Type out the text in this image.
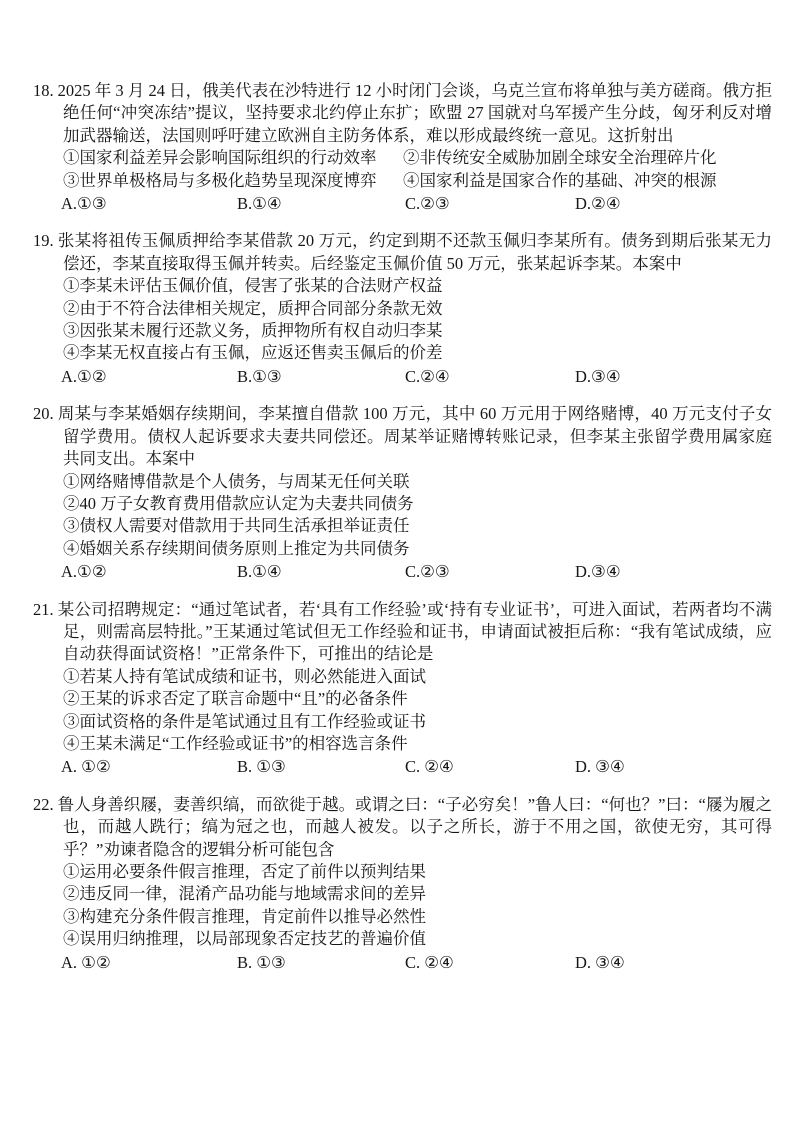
18. 2025 年 3 月 24 日，俄美代表在沙特进行 12 小时闭门会谈，乌克兰宣布将单独与美方磋商。俄方拒绝任何“冲突冻结”提议，坚持要求北约停止东扩；欧盟 27 国就对乌军援产生分歧，匈牙利反对增加武器输送，法国则呼吁建立欧洲自主防务体系，难以形成最终统一意见。这折射出
①国家利益差异会影响国际组织的行动效率	②非传统安全威胁加剧全球安全治理碎片化
③世界单极格局与多极化趋势呈现深度博弈	④国家利益是国家合作的基础、冲突的根源
A.①③	B.①④	C.②③	D.②④
19. 张某将祖传玉佩质押给李某借款 20 万元，约定到期不还款玉佩归李某所有。债务到期后张某无力偿还，李某直接取得玉佩并转卖。后经鉴定玉佩价值 50 万元，张某起诉李某。本案中
①李某未评估玉佩价值，侵害了张某的合法财产权益
②由于不符合法律相关规定，质押合同部分条款无效
③因张某未履行还款义务，质押物所有权自动归李某
④李某无权直接占有玉佩，应返还售卖玉佩后的价差
A.①②	B.①③	C.②④	D.③④
20. 周某与李某婚姻存续期间，李某擅自借款 100 万元，其中 60 万元用于网络赌博，40 万元支付子女留学费用。债权人起诉要求夫妻共同偿还。周某举证赌博转账记录，但李某主张留学费用属家庭共同支出。本案中
①网络赌博借款是个人债务，与周某无任何关联
②40 万子女教育费用借款应认定为夫妻共同债务
③债权人需要对借款用于共同生活承担举证责任
④婚姻关系存续期间债务原则上推定为共同债务
A.①②	B.①④	C.②③	D.③④
21. 某公司招聘规定：“通过笔试者，若‘具有工作经验’或‘持有专业证书’，可进入面试，若两者均不满足，则需高层特批。”王某通过笔试但无工作经验和证书，申请面试被拒后称：“我有笔试成绩，应自动获得面试资格！”正常条件下，可推出的结论是
①若某人持有笔试成绩和证书，则必然能进入面试
②王某的诉求否定了联言命题中“且”的必备条件
③面试资格的条件是笔试通过且有工作经验或证书
④王某未满足“工作经验或证书”的相容选言条件
A. ①②	B. ①③	C. ②④	D. ③④
22. 鲁人身善织屦，妻善织缟，而欲徙于越。或谓之曰：“子必穷矣！”鲁人曰：“何也？”曰：“屦为履之也，而越人跣行；缟为冠之也，而越人被发。以子之所长，游于不用之国，欲使无穷，其可得乎？”劝谏者隐含的逻辑分析可能包含
①运用必要条件假言推理，否定了前件以预判结果
②违反同一律，混淆产品功能与地域需求间的差异
③构建充分条件假言推理，肯定前件以推导必然性
④误用归纳推理，以局部现象否定技艺的普遍价值
A. ①②	B. ①③	C. ②④	D. ③④
